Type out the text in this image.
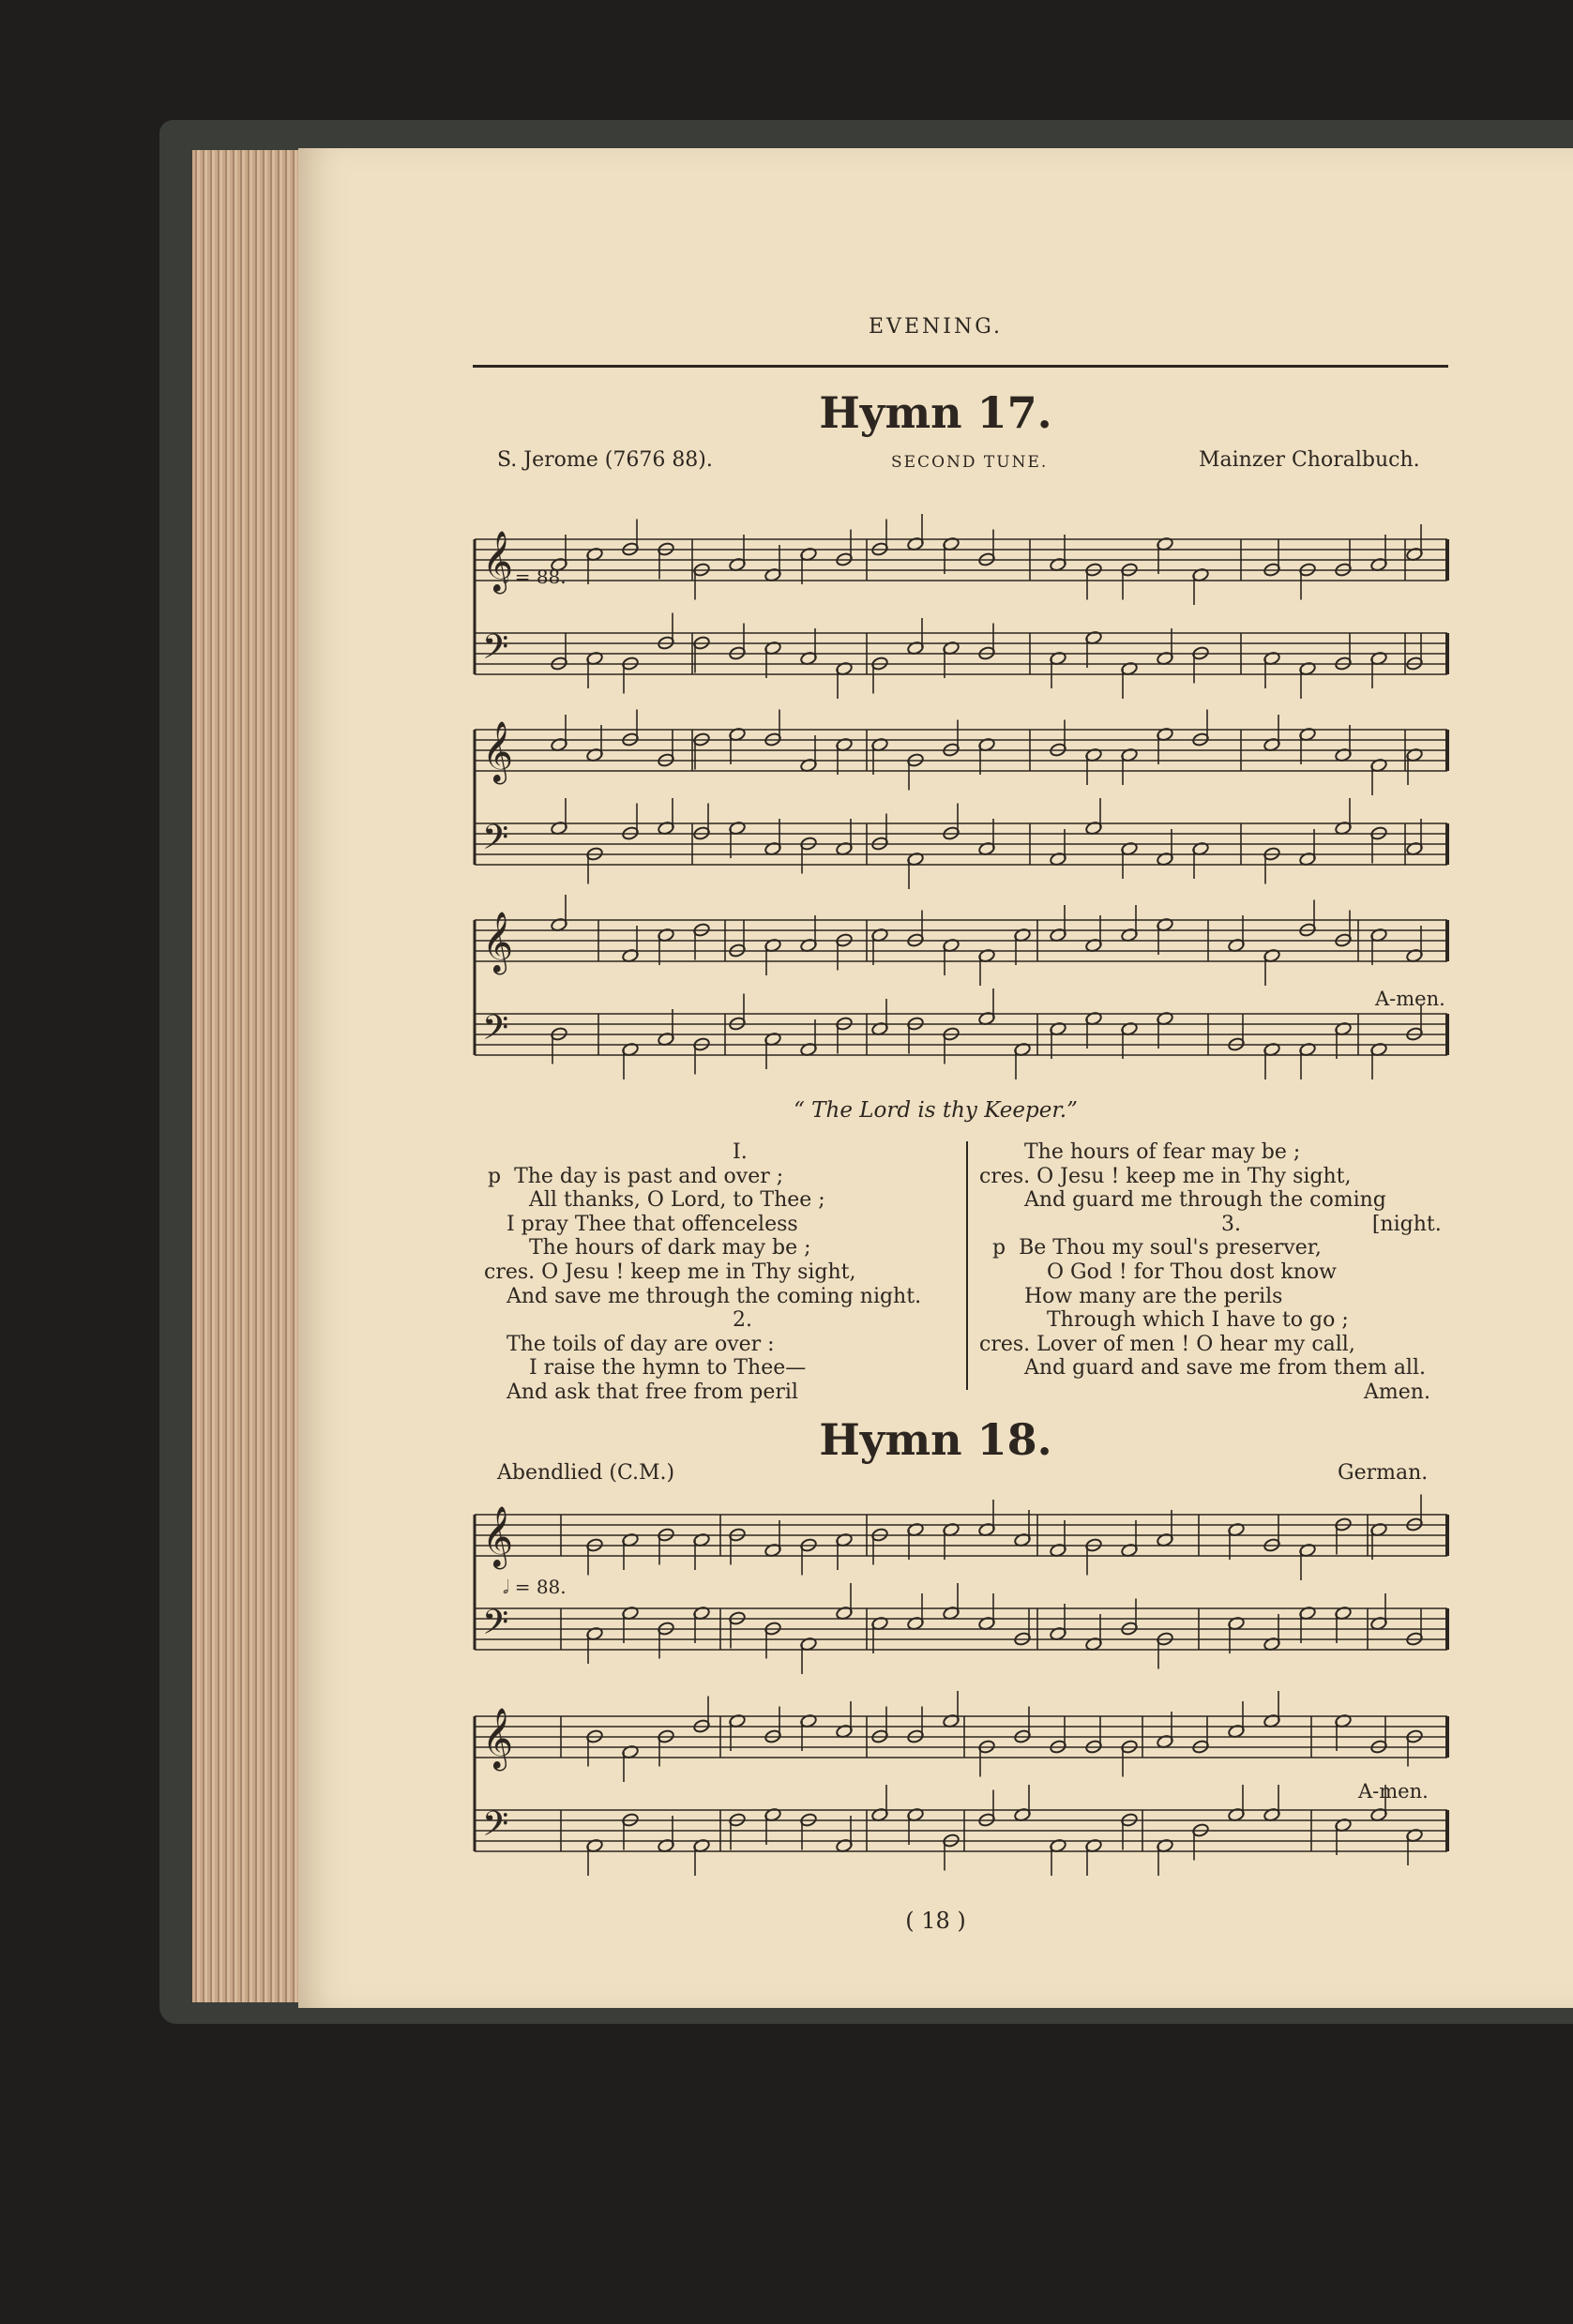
EVENING.
Hymn 17.
S. Jerome (7676 88).	SECOND TUNE.	Mainzer Choralbuch.
𝅗𝅥 = 88.
A-men.
𝄞
𝄢
𝄞
𝄢
𝄞
𝄢
𝄞
𝄢
𝄞
𝄢
“ The Lord is thy Keeper.”
I.
p  The day is past and over ;
All thanks, O Lord, to Thee ;
I pray Thee that offenceless
The hours of dark may be ;
cres. O Jesu ! keep me in Thy sight,
And save me through the coming night.
2.
The toils of day are over :
I raise the hymn to Thee—
And ask that free from peril
The hours of fear may be ;
cres. O Jesu ! keep me in Thy sight,
And guard me through the coming
3.                    [night.
p  Be Thou my soul's preserver,
O God ! for Thou dost know
How many are the perils
Through which I have to go ;
cres. Lover of men ! O hear my call,
And guard and save me from them all.
Amen.
Hymn 18.
Abendlied (C.M.)	German.
𝅗𝅥 = 88.
A-men.
( 18 )
